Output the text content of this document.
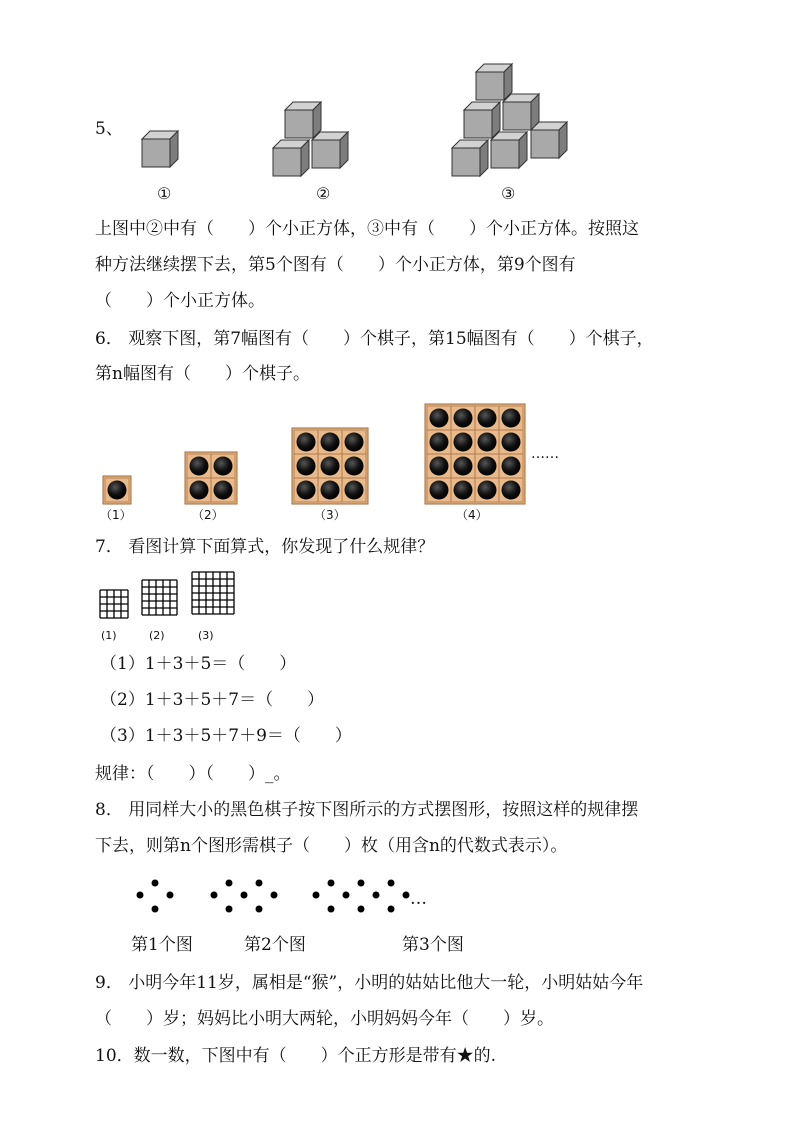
5、
①	②	③
上图中②中有（　　）个小正方体，③中有（　　）个小正方体。按照这
种方法继续摆下去，第5个图有（　　）个小正方体，第9个图有
（　　）个小正方体。
6． 观察下图，第7幅图有（　　）个棋子，第15幅图有（　　）个棋子，
第n幅图有（　　）个棋子。
（1）	（2）	（3）	（4）
……
7． 看图计算下面算式，你发现了什么规律？
(1)	(2)	(3)
（1）1＋3＋5＝（　　）
（2）1＋3＋5＋7＝（　　）
（3）1＋3＋5＋7＋9＝（　　）
规律：（　　）（　　）_。
8． 用同样大小的黑色棋子按下图所示的方式摆图形，按照这样的规律摆
下去，则第n个图形需棋子（　　）枚（用含n的代数式表示）。
…
第1个图	第2个图	第3个图
9． 小明今年11岁，属相是“猴”，小明的姑姑比他大一轮，小明姑姑今年
（　　）岁；妈妈比小明大两轮，小明妈妈今年（　　）岁。
10．数一数，下图中有（　　）个正方形是带有★的.
